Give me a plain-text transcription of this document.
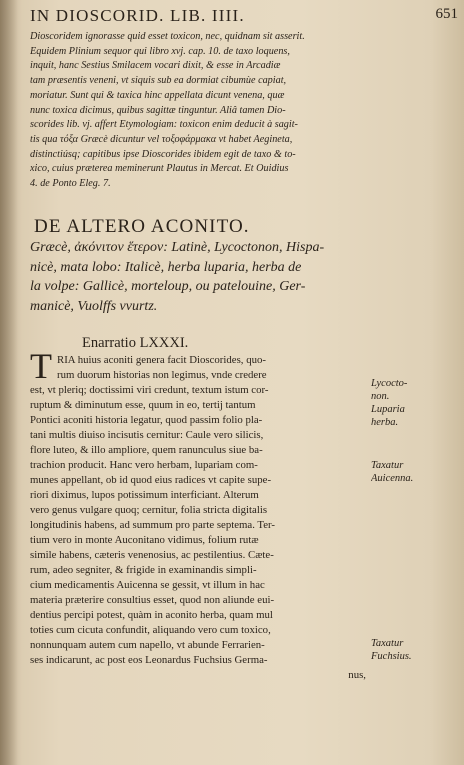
IN DIOSCORID. LIB. IIII.	651
Dioscoridem ignorasse quid esset toxicon, nec, quidnam sit asserit.
Equidem Plinium sequor qui libro xvj. cap. 10. de taxo loquens,
inquit, hanc Sestius Smilacem vocari dixit, & esse in Arcadiæ
tam præsentis veneni, vt siquis sub ea dormiat cibumùe capiat,
moriatur. Sunt qui & taxica hinc appellata dicunt venena, quæ
nunc toxica dicimus, quibus sagittæ tinguntur. Aliâ tamen Dio-
scorides lib. vj. affert Etymologiam: toxicon enim deducit à sagit-
tis qua τόξα Græcè dicuntur vel τοξοφάρμακα vt habet Aegineta,
distinctiúsq; capitibus ipse Dioscorides ibidem egit de taxo & to-
xico, cuius præterea meminerunt Plautus in Mercat. Et Ouidius
4. de Ponto Eleg. 7.
DE ALTERO ACONITO.
Græcè, ἀκόνιτον ἕτερον: Latinè, Lycoctonon, Hispa-
nicè, mata lobo: Italicè, herba luparia, herba de
la volpe: Gallicè, morteloup, ou patelouine, Ger-
manicè, Vuolffs vvurtz.
Enarratio LXXXI.
T RIA huius aconiti genera facit Dioscorides, quo-
rum duorum historias non legimus, vnde credere
est, vt pleriq; doctissimi viri credunt, textum istum cor-
ruptum & diminutum esse, quum in eo, tertij tantum
Pontici aconiti historia legatur, quod passim folio pla-
tani multis diuiso incisutis cernitur: Caule vero silicis,
flore luteo, & illo ampliore, quem ranunculus siue ba-
trachion producit. Hanc vero herbam, lupariam com-
munes appellant, ob id quod eius radices vt capite supe-
riori diximus, lupos potissimum interficiant. Alterum
vero genus vulgare quoq; cernitur, folia stricta digitalis
longitudinis habens, ad summum pro parte septema. Ter-
tium vero in monte Auconitano vidimus, folium rutæ
simile habens, cæteris venenosius, ac pestilentius. Cæte-
rum, adeo segniter, & frigide in examinandis simpli-
cium medicamentis Auicenna se gessit, vt illum in hac
materia præterire consultius esset, quod non aliunde eui-
dentius percipi potest, quàm in aconito herba, quam mul
toties cum cicuta confundit, aliquando vero cum toxico,
nonnunquam autem cum napello, vt abunde Ferrarien-
ses indicarunt, ac post eos Leonardus Fuchsius Germa-
nus,
Lycocto-
non.
Luparia
herba.
Taxatur
Auicenna.
Taxatur
Fuchsius.
